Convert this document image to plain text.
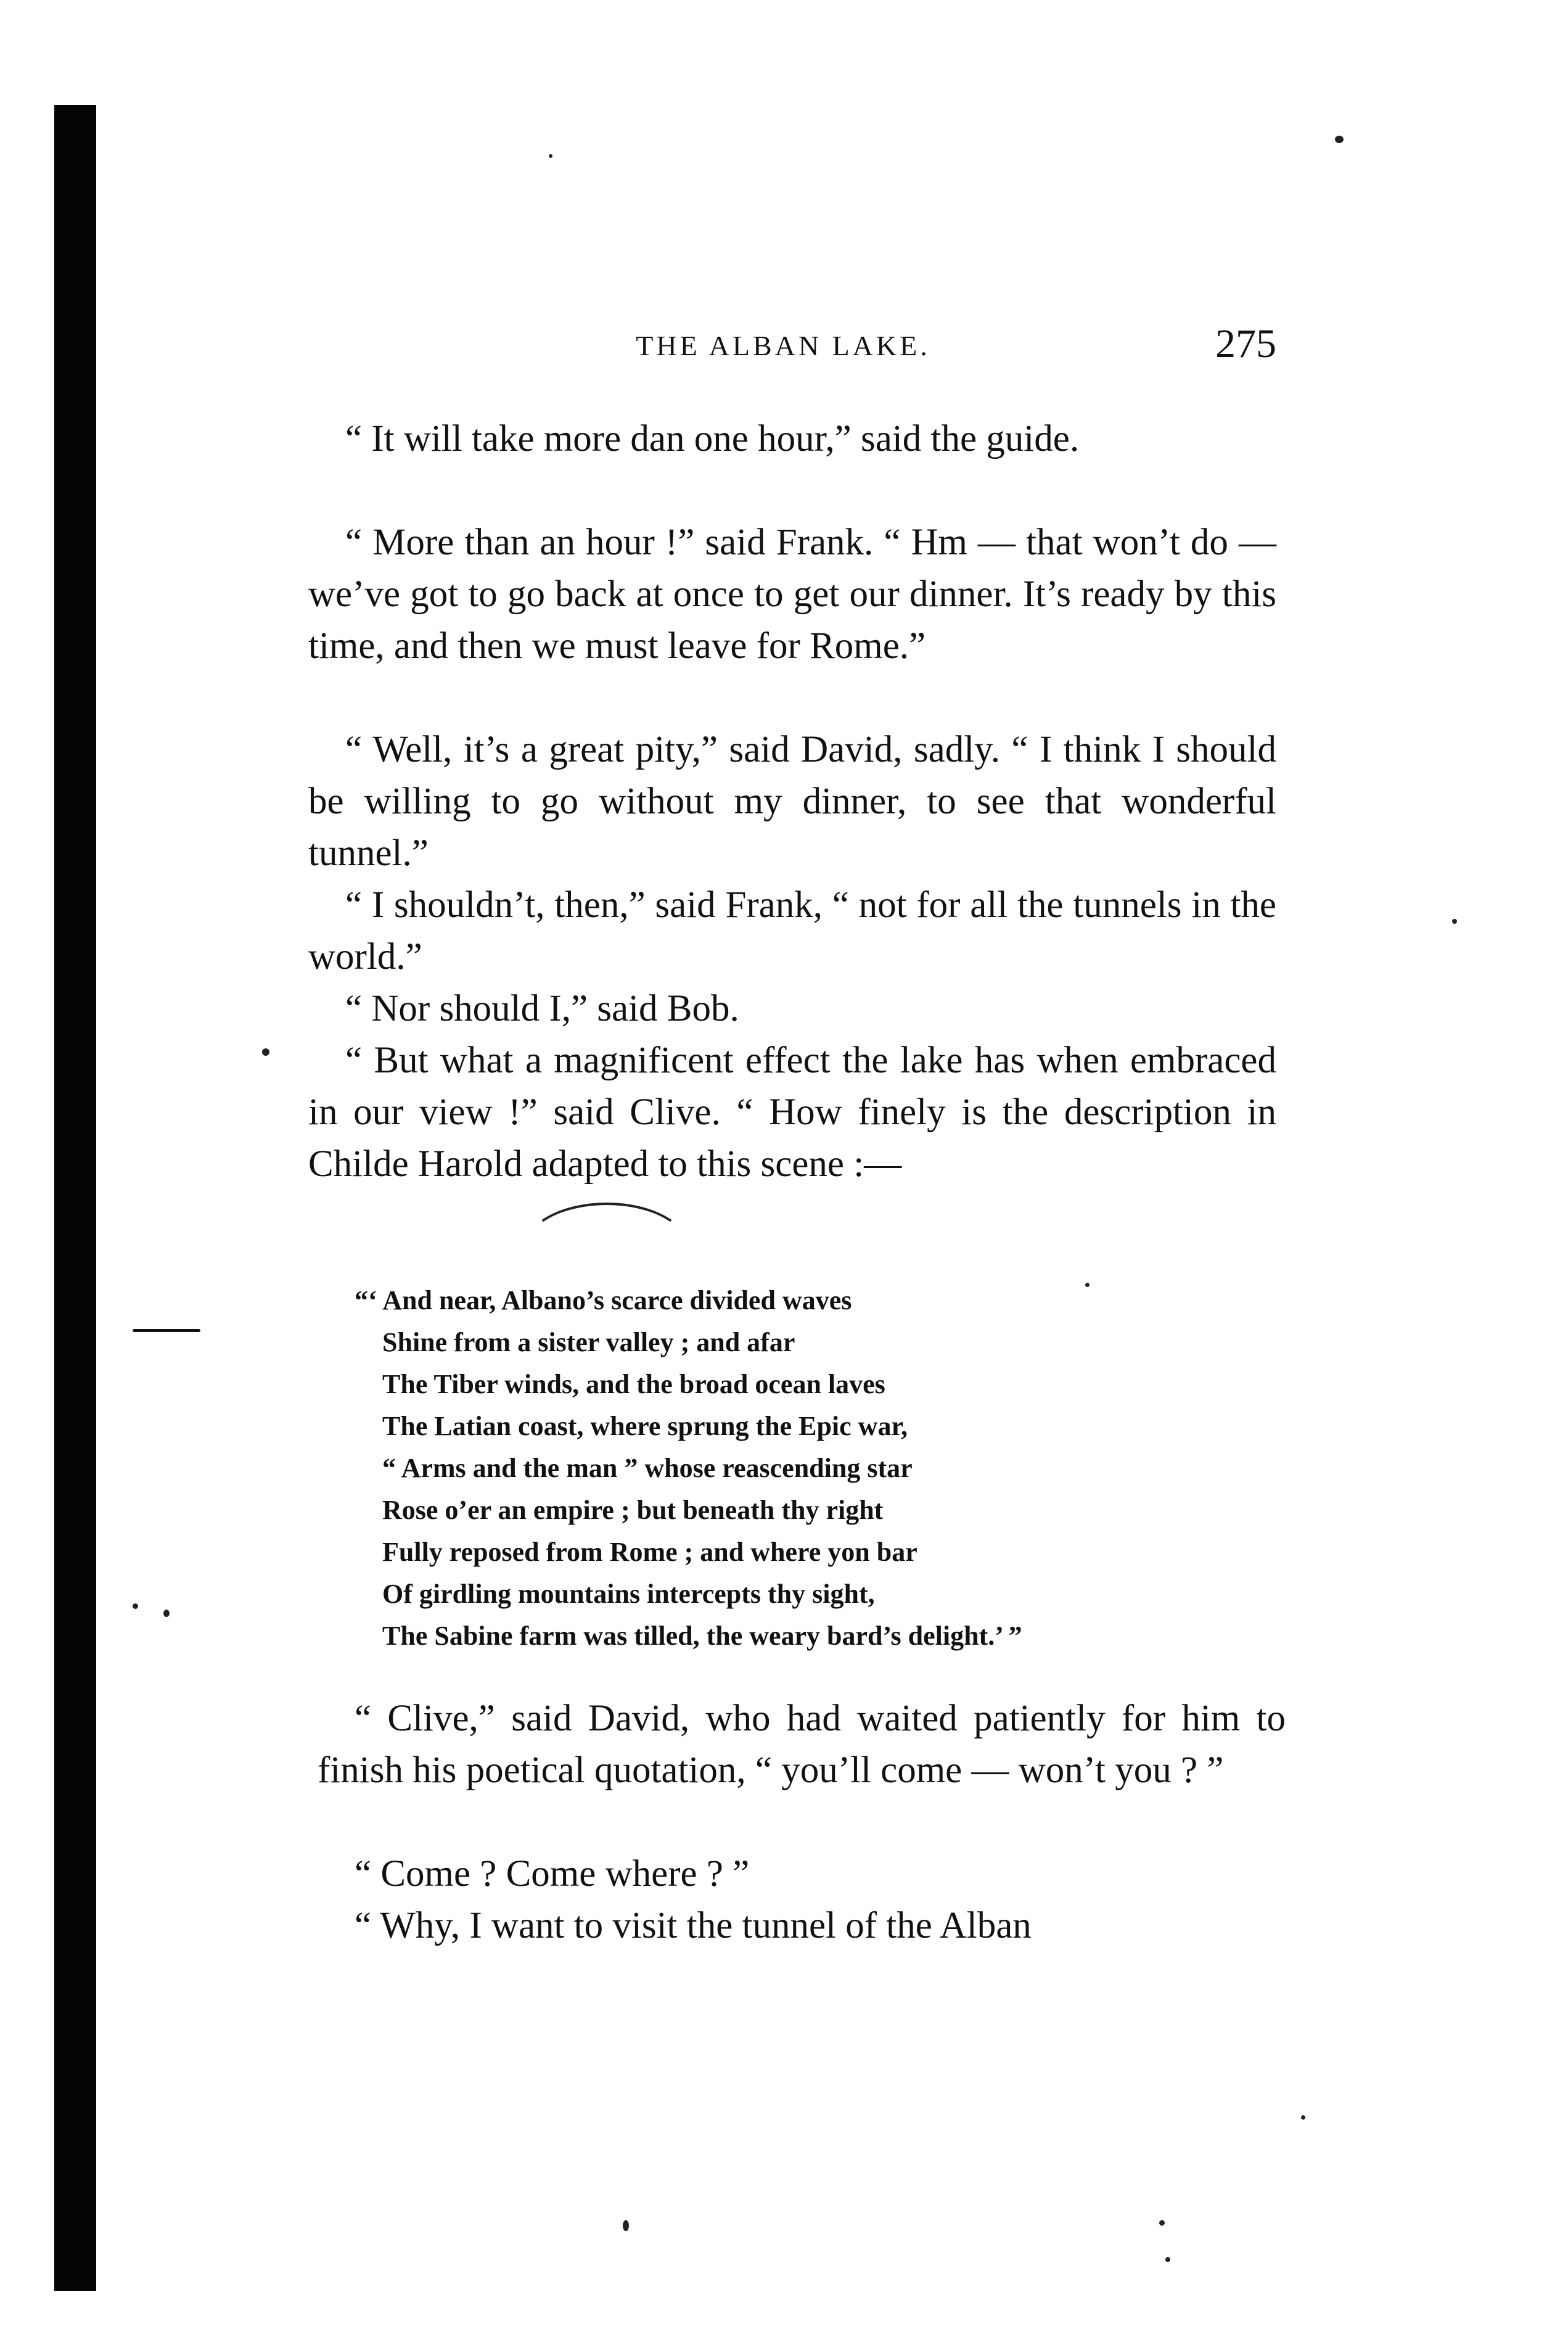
THE ALBAN LAKE.	275

“ It will take more dan one hour,” said the guide.

“ More than an hour !” said Frank. “ Hm — that won’t do — we’ve got to go back at once to get our dinner. It’s ready by this time, and then we must leave for Rome.”

“ Well, it’s a great pity,” said David, sadly. “ I think I should be willing to go without my dinner, to see that wonderful tunnel.”

“ I shouldn’t, then,” said Frank, “ not for all the tunnels in the world.”

“ Nor should I,” said Bob.

“ But what a magnificent effect the lake has when embraced in our view !” said Clive. “ How finely is the description in Childe Harold adapted to this scene :—

“‘ And near, Albano’s scarce divided waves
Shine from a sister valley ; and afar
The Tiber winds, and the broad ocean laves
The Latian coast, where sprung the Epic war,
“ Arms and the man ” whose reascending star
Rose o’er an empire ; but beneath thy right
Fully reposed from Rome ; and where yon bar
Of girdling mountains intercepts thy sight,
The Sabine farm was tilled, the weary bard’s delight.’ ”

“ Clive,” said David, who had waited patiently for him to finish his poetical quotation, “ you’ll come — won’t you ? ”

“ Come ? Come where ? ”

“ Why, I want to visit the tunnel of the Alban
